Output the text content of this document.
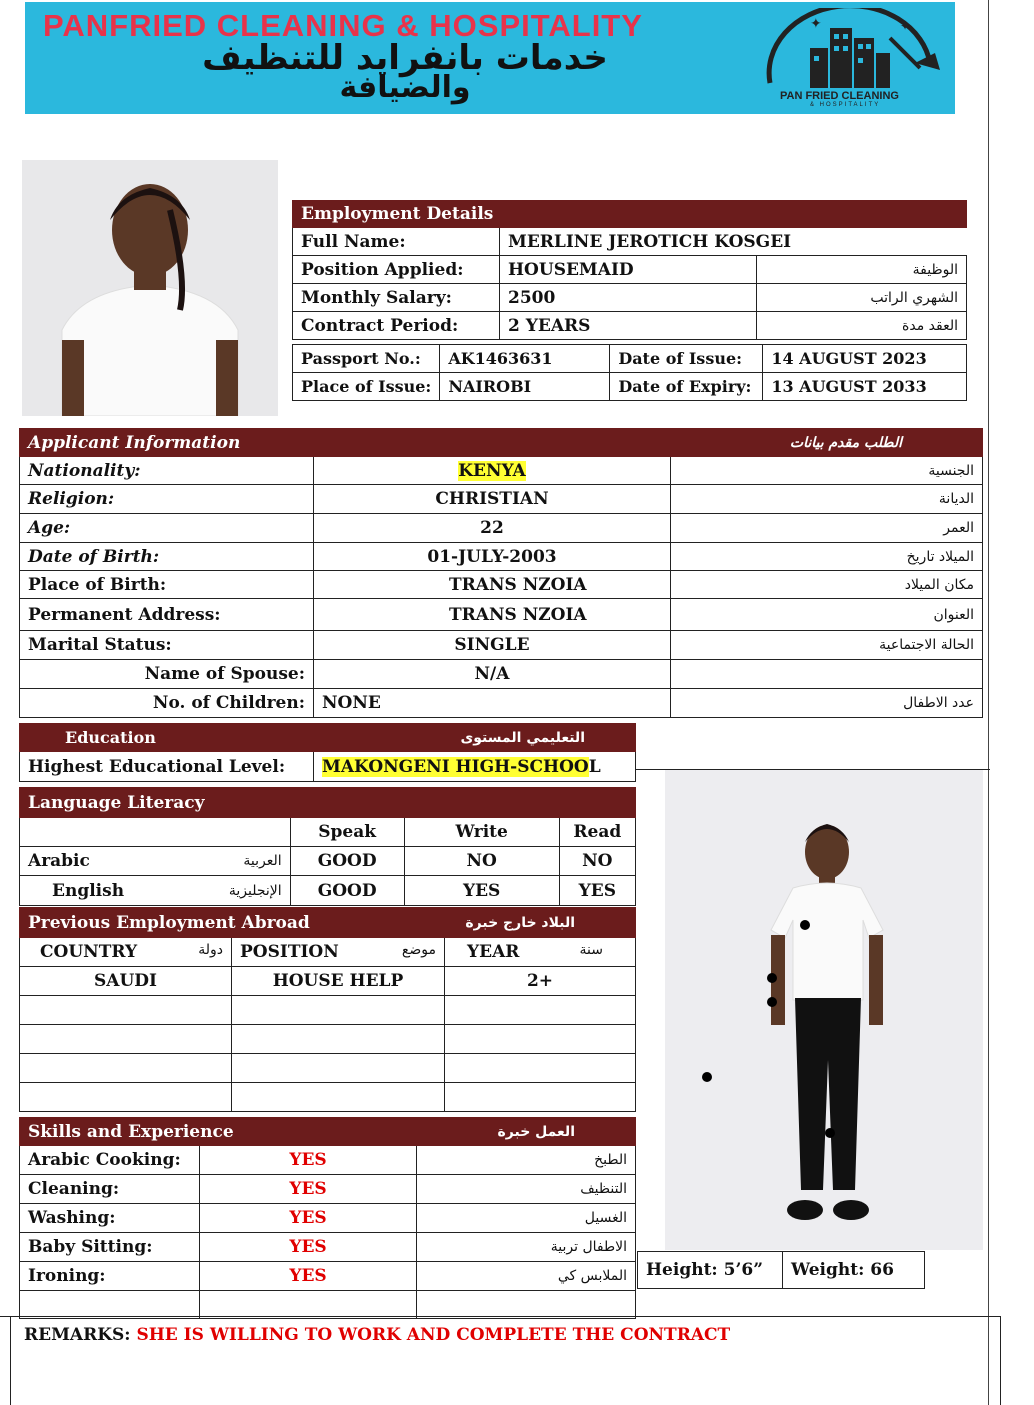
PANFRIED CLEANING & HOSPITALITY
خدمات بانفرايد للتنظيف
والضيافة
✦	✦
PAN FRIED CLEANING
& HOSPITALITY
Employment Details		
Full Name:	MERLINE JEROTICH KOSGEI	
Position Applied:	HOUSEMAID	الوظيفة
Monthly Salary:	2500	الشهري الراتب
Contract Period:	2 YEARS	العقد مدة
Passport No.:	AK1463631	Date of Issue:	14 AUGUST 2023
Place of Issue:	NAIROBI	Date of Expiry:	13 AUGUST 2033
Applicant Information		الطلب مقدم بيانات
Nationality:	KENYA	الجنسية
Religion:	CHRISTIAN	الديانة
Age:	22	العمر
Date of Birth:	01-JULY-2003	الميلاد تاريخ
Place of Birth:	TRANS NZOIA	مكان الميلاد
Permanent Address:	TRANS NZOIA	العنوان
Marital Status:	SINGLE	الحالة الاجتماعية
Name of Spouse:	N/A	
No. of Children:	NONE	عدد الاطفال
Education	التعليمي المستوى
Highest Educational Level:	MAKONGENI HIGH-SCHOOL
Language Literacy				
		Speak	Write	Read
Arabic	العربية	GOOD	NO	NO
English	الإنجليزية	GOOD	YES	YES
Previous Employment Abroad		البلاد خارج خبرة
COUNTRY دولة	POSITION موضع	YEAR سنة

SAUDI	HOUSE HELP	2+

Skills and Experience		العمل خبرة
Arabic Cooking:	YES	الطبخ
Cleaning:	YES	التنظيف
Washing:	YES	الغسيل
Baby Sitting:	YES	الاطفال تربية
Ironing:	YES	الملابس كي
		Height: 5’6”	Weight: 66
REMARKS: SHE IS WILLING TO WORK AND COMPLETE THE CONTRACT
